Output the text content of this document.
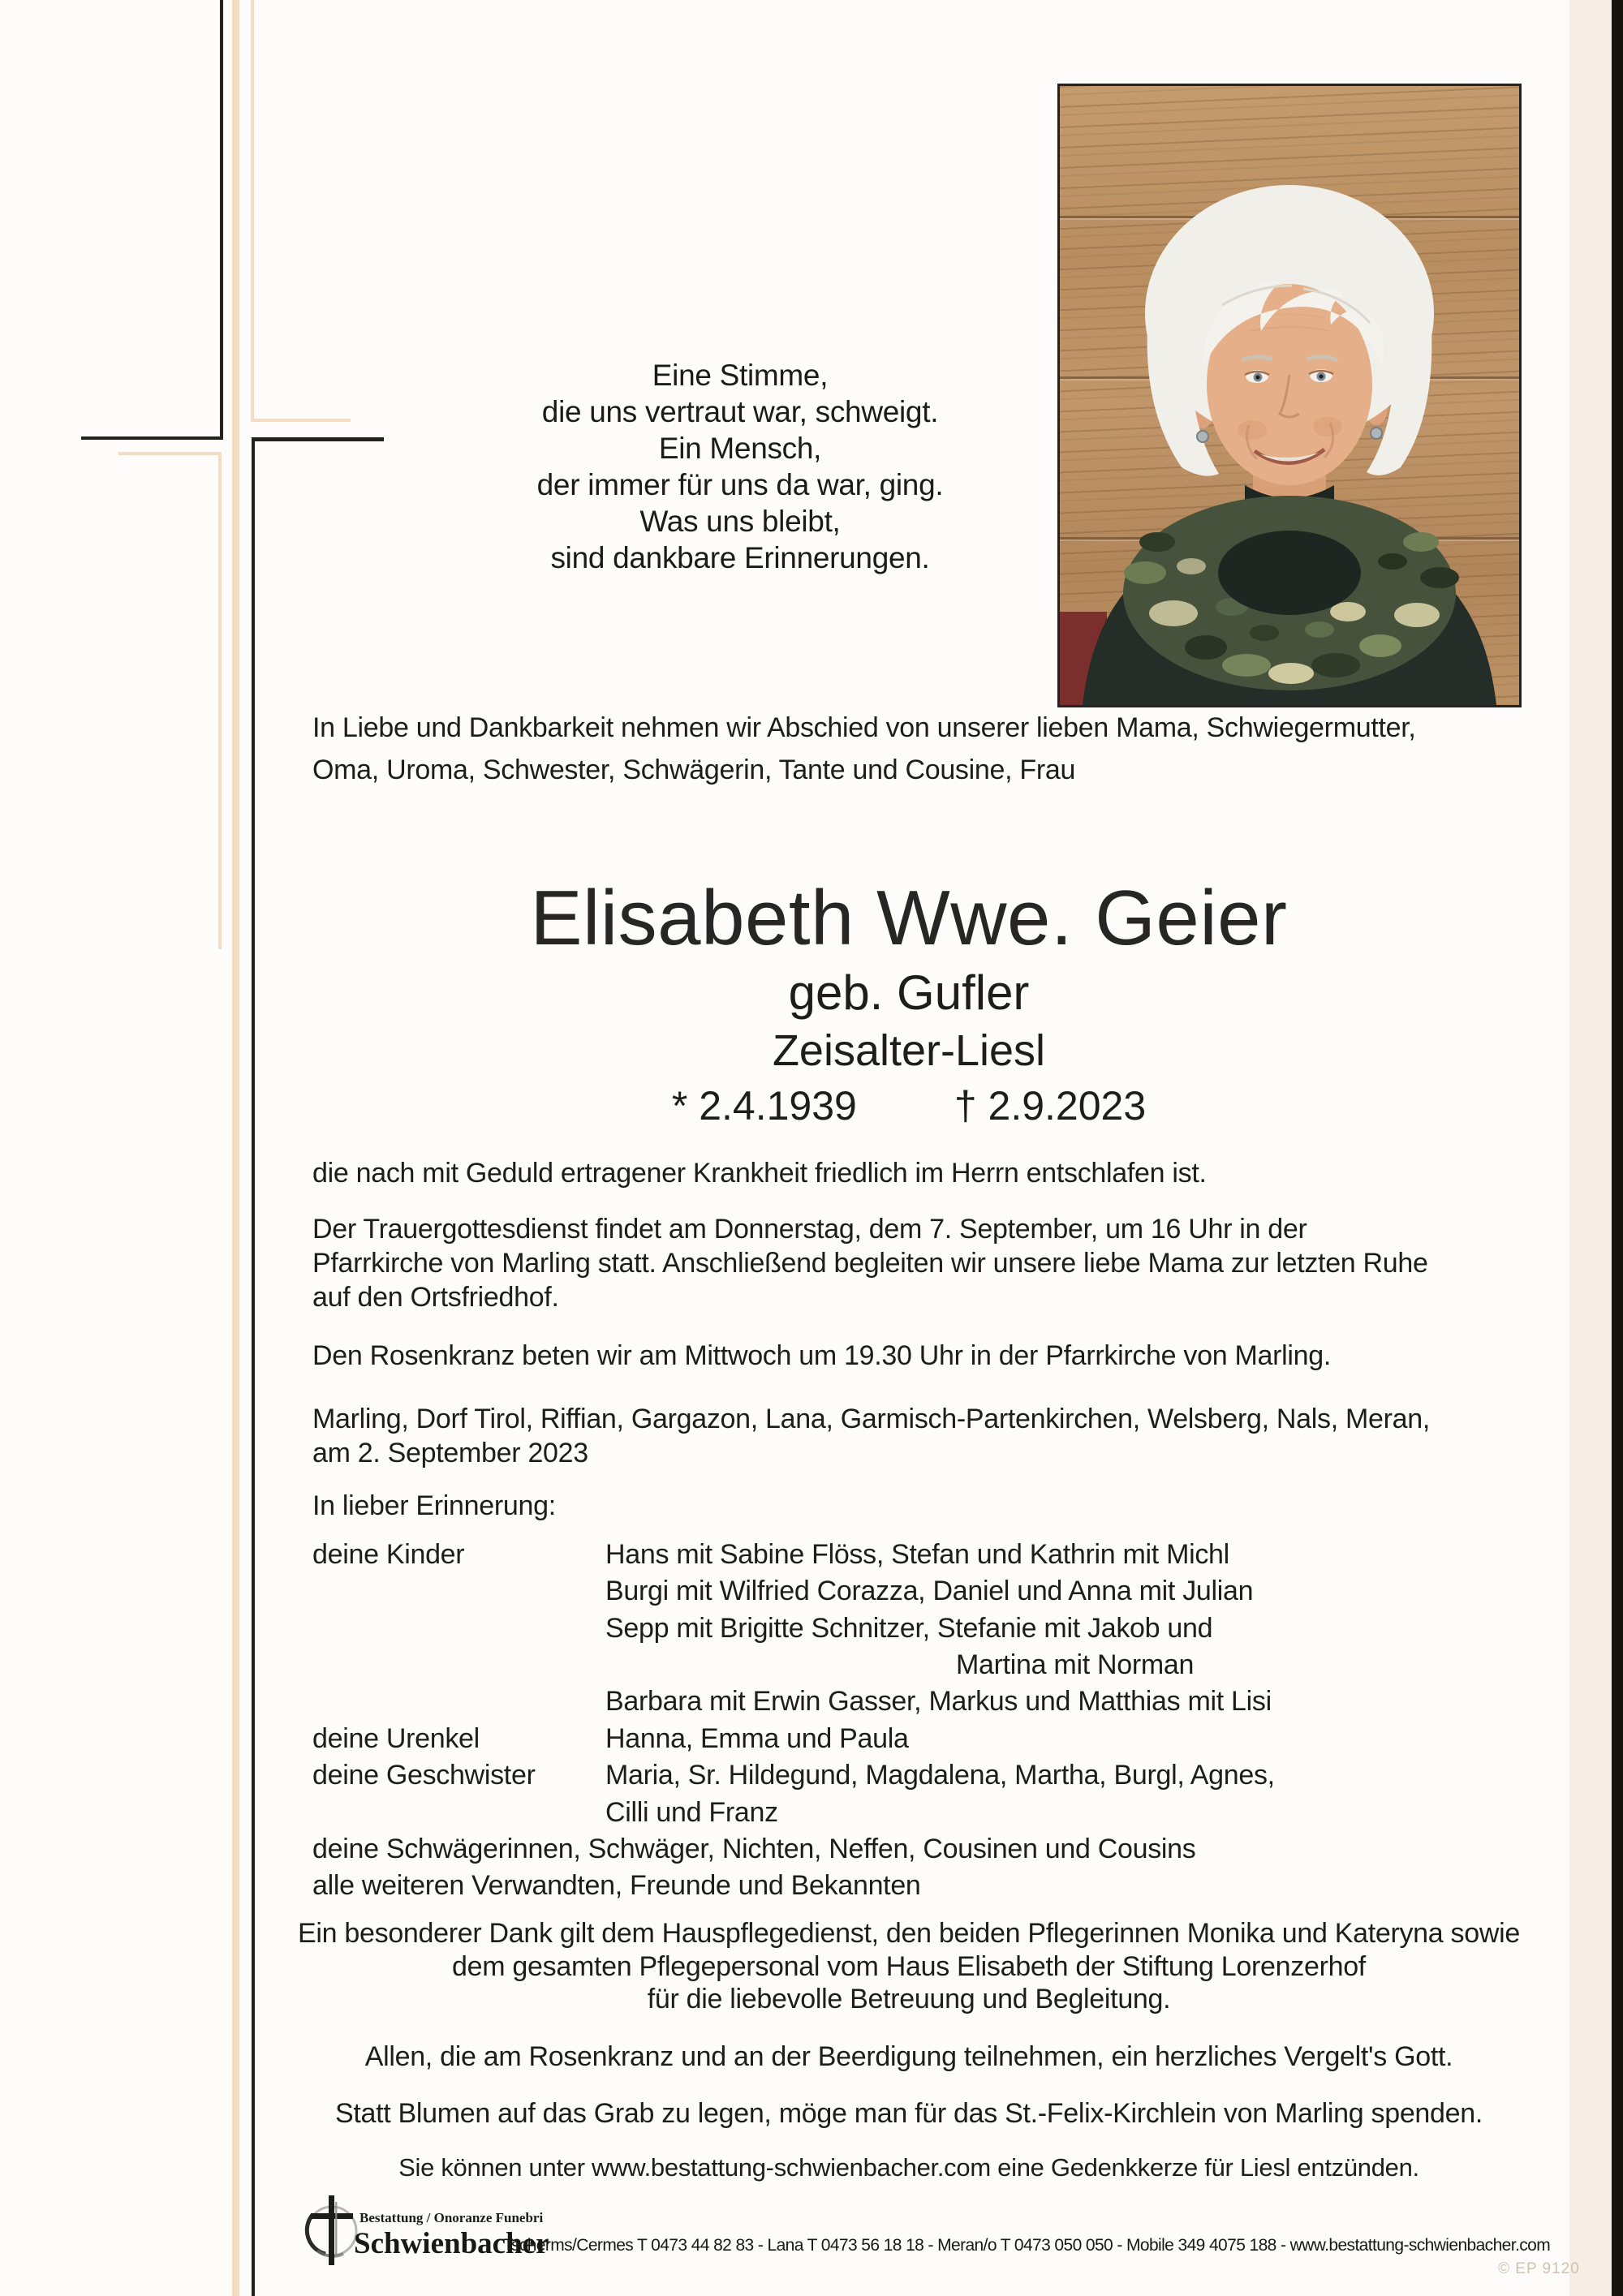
Eine Stimme,
die uns vertraut war, schweigt.
Ein Mensch,
der immer für uns da war, ging.
Was uns bleibt,
sind dankbare Erinnerungen.
In Liebe und Dankbarkeit nehmen wir Abschied von unserer lieben Mama, Schwiegermutter,
Oma, Uroma, Schwester, Schwägerin, Tante und Cousine, Frau
Elisabeth Wwe. Geier
geb. Gufler
Zeisalter-Liesl
* 2.4.1939 † 2.9.2023
die nach mit Geduld ertragener Krankheit friedlich im Herrn entschlafen ist.
Der Trauergottesdienst findet am Donnerstag, dem 7. September, um 16 Uhr in der
Pfarrkirche von Marling statt. Anschließend begleiten wir unsere liebe Mama zur letzten Ruhe
auf den Ortsfriedhof.
Den Rosenkranz beten wir am Mittwoch um 19.30 Uhr in der Pfarrkirche von Marling.
Marling, Dorf Tirol, Riffian, Gargazon, Lana, Garmisch-Partenkirchen, Welsberg, Nals, Meran,
am 2. September 2023
In lieber Erinnerung:
deine Kinder	Hans mit Sabine Flöss, Stefan und Kathrin mit Michl
Burgi mit Wilfried Corazza, Daniel und Anna mit Julian
Sepp mit Brigitte Schnitzer, Stefanie mit Jakob und
Martina mit Norman
Barbara mit Erwin Gasser, Markus und Matthias mit Lisi
deine Urenkel	Hanna, Emma und Paula
deine Geschwister	Maria, Sr. Hildegund, Magdalena, Martha, Burgl, Agnes,
Cilli und Franz
deine Schwägerinnen, Schwäger, Nichten, Neffen, Cousinen und Cousins
alle weiteren Verwandten, Freunde und Bekannten
Ein besonderer Dank gilt dem Hauspflegedienst, den beiden Pflegerinnen Monika und Kateryna sowie
dem gesamten Pflegepersonal vom Haus Elisabeth der Stiftung Lorenzerhof
für die liebevolle Betreuung und Begleitung.
Allen, die am Rosenkranz und an der Beerdigung teilnehmen, ein herzliches Vergelt's Gott.
Statt Blumen auf das Grab zu legen, möge man für das St.-Felix-Kirchlein von Marling spenden.
Sie können unter www.bestattung-schwienbacher.com eine Gedenkkerze für Liesl entzünden.
Bestattung / Onoranze Funebri
Schwienbacher
Tscherms/Cermes T 0473 44 82 83 - Lana T 0473 56 18 18 - Meran/o T 0473 050 050 - Mobile 349 4075 188 - www.bestattung-schwienbacher.com
© EP 9120
